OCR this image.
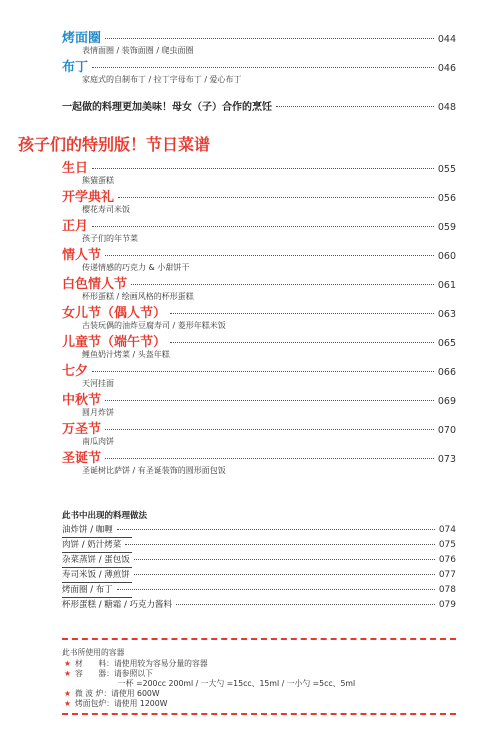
烤面圈	044
表情面圈 / 装饰面圈 / 爬虫面圈
布丁	046
家庭式的自制布丁 / 拉丁字母布丁 / 爱心布丁
一起做的料理更加美味！母女（子）合作的烹饪	048
孩子们的特别版！节日菜谱
生日	055
熊猫蛋糕
开学典礼	056
樱花寿司米饭
正月	059
孩子们的年节菜
情人节	060
传递情感的巧克力 & 小甜饼干
白色情人节	061
杯形蛋糕 / 绘画风格的杯形蛋糕
女儿节（偶人节）	063
古装玩偶的油炸豆腐寿司 / 菱形年糕米饭
儿童节（端午节）	065
鲤鱼奶汁烤菜 / 头盔年糕
七夕	066
天河挂面
中秋节	069
圆月炸饼
万圣节	070
南瓜肉饼
圣诞节	073
圣诞树比萨饼 / 有圣诞装饰的圆形面包饭
此书中出现的料理做法
油炸饼 / 咖喱	074
肉饼 / 奶汁烤菜	075
杂菜蒸饼 / 蛋包饭	076
寿司米饭 / 薄煎饼	077
烤面圈 / 布丁	078
杯形蛋糕 / 糖霜 / 巧克力酱料	079
此书所使用的容器
★ 材　　料：请使用较为容易分量的容器
★ 容　　器：请参照以下
一杯 =200cc 200ml / 一大勺 =15cc、15ml / 一小勺 =5cc、5ml
★ 微 波 炉：请使用 600W
★ 烤面包炉：请使用 1200W
